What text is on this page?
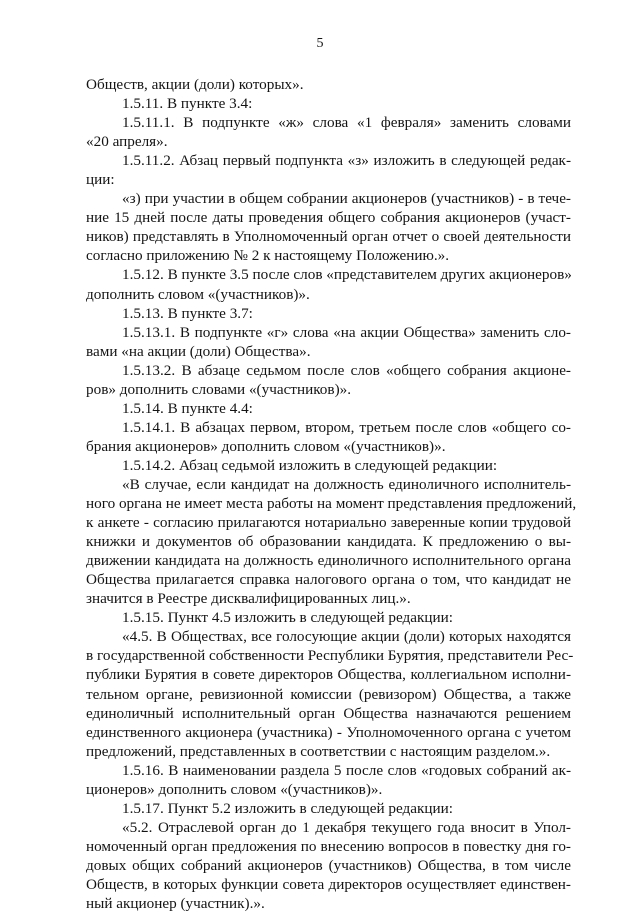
5
Обществ, акции (доли) которых».
1.5.11. В пункте 3.4:
1.5.11.1. В подпункте «ж» слова «1 февраля» заменить словами
«20 апреля».
1.5.11.2. Абзац первый подпункта «з» изложить в следующей редак-
ции:
«з) при участии в общем собрании акционеров (участников) - в тече-
ние 15 дней после даты проведения общего собрания акционеров (участ-
ников) представлять в Уполномоченный орган отчет о своей деятельности
согласно приложению № 2 к настоящему Положению.».
1.5.12. В пункте 3.5 после слов «представителем других акционеров»
дополнить словом «(участников)».
1.5.13. В пункте 3.7:
1.5.13.1. В подпункте «г» слова «на акции Общества» заменить сло-
вами «на акции (доли) Общества».
1.5.13.2. В абзаце седьмом после слов «общего собрания акционе-
ров» дополнить словами «(участников)».
1.5.14. В пункте 4.4:
1.5.14.1. В абзацах первом, втором, третьем после слов «общего со-
брания акционеров» дополнить словом «(участников)».
1.5.14.2. Абзац седьмой изложить в следующей редакции:
«В случае, если кандидат на должность единоличного исполнитель-
ного органа не имеет места работы на момент представления предложений,
к анкете - согласию прилагаются нотариально заверенные копии трудовой
книжки и документов об образовании кандидата. К предложению о вы-
движении кандидата на должность единоличного исполнительного органа
Общества прилагается справка налогового органа о том, что кандидат не
значится в Реестре дисквалифицированных лиц.».
1.5.15. Пункт 4.5 изложить в следующей редакции:
«4.5. В Обществах, все голосующие акции (доли) которых находятся
в государственной собственности Республики Бурятия, представители Рес-
публики Бурятия в совете директоров Общества, коллегиальном исполни-
тельном органе, ревизионной комиссии (ревизором) Общества, а также
единоличный исполнительный орган Общества назначаются решением
единственного акционера (участника) - Уполномоченного органа с учетом
предложений, представленных в соответствии с настоящим разделом.».
1.5.16. В наименовании раздела 5 после слов «годовых собраний ак-
ционеров» дополнить словом «(участников)».
1.5.17. Пункт 5.2 изложить в следующей редакции:
«5.2. Отраслевой орган до 1 декабря текущего года вносит в Упол-
номоченный орган предложения по внесению вопросов в повестку дня го-
довых общих собраний акционеров (участников) Общества, в том числе
Обществ, в которых функции совета директоров осуществляет единствен-
ный акционер (участник).».
